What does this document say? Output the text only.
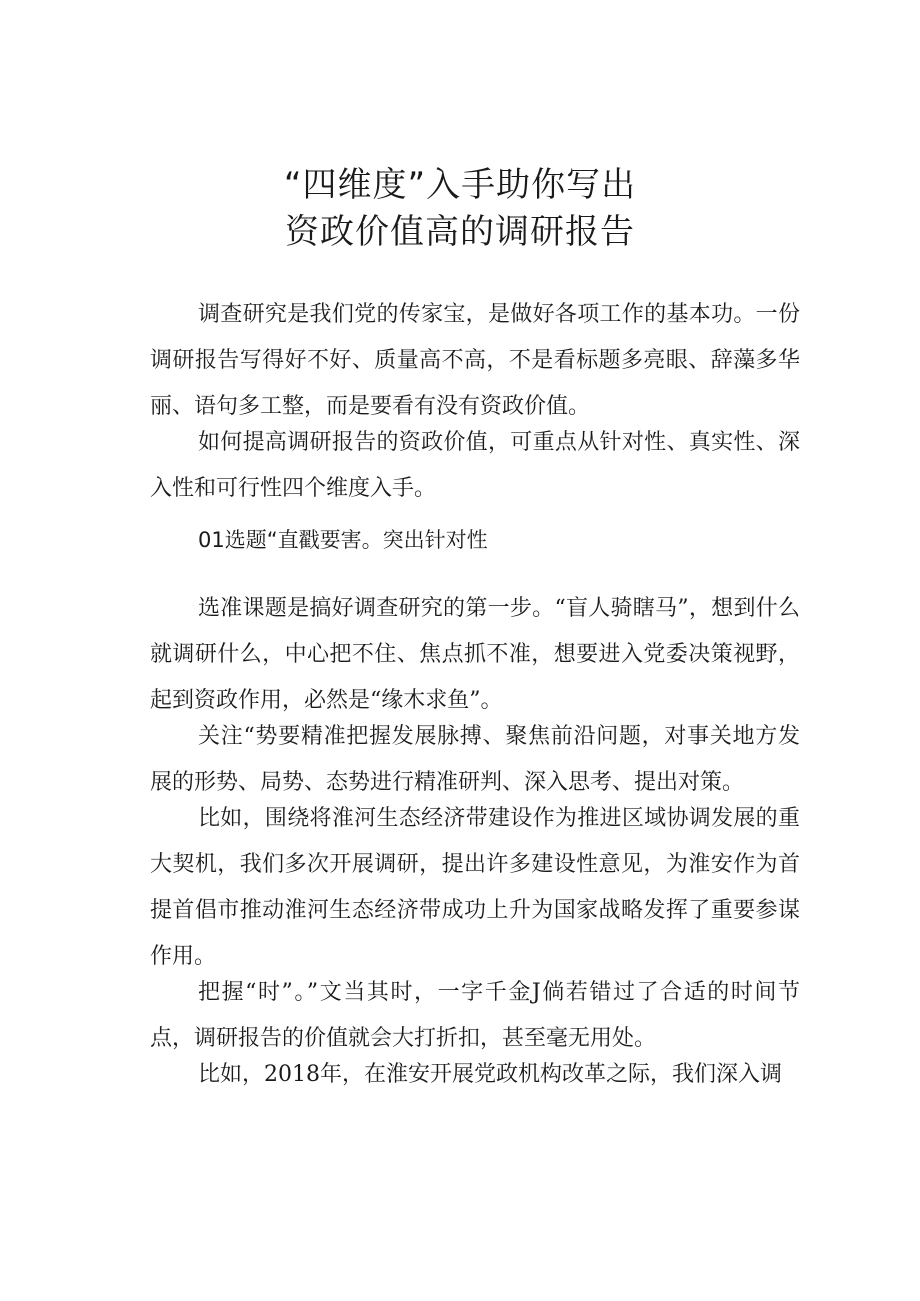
“四维度”入手助你写出
资政价值高的调研报告

调查研究是我们党的传家宝，是做好各项工作的基本功。一份调研报告写得好不好、质量高不高，不是看标题多亮眼、辞藻多华丽、语句多工整，而是要看有没有资政价值。

如何提高调研报告的资政价值，可重点从针对性、真实性、深入性和可行性四个维度入手。

01选题“直戳要害。突出针对性

选准课题是搞好调查研究的第一步。“盲人骑瞎马”，想到什么就调研什么，中心把不住、焦点抓不准，想要进入党委决策视野，起到资政作用，必然是“缘木求鱼”。

关注“势要精准把握发展脉搏、聚焦前沿问题，对事关地方发展的形势、局势、态势进行精准研判、深入思考、提出对策。

比如，围绕将淮河生态经济带建设作为推进区域协调发展的重大契机，我们多次开展调研，提出许多建设性意见，为淮安作为首提首倡市推动淮河生态经济带成功上升为国家战略发挥了重要参谋作用。

把握“时”。”文当其时，一字千金J倘若错过了合适的时间节点，调研报告的价值就会大打折扣，甚至毫无用处。

比如，2018年，在淮安开展党政机构改革之际，我们深入调
